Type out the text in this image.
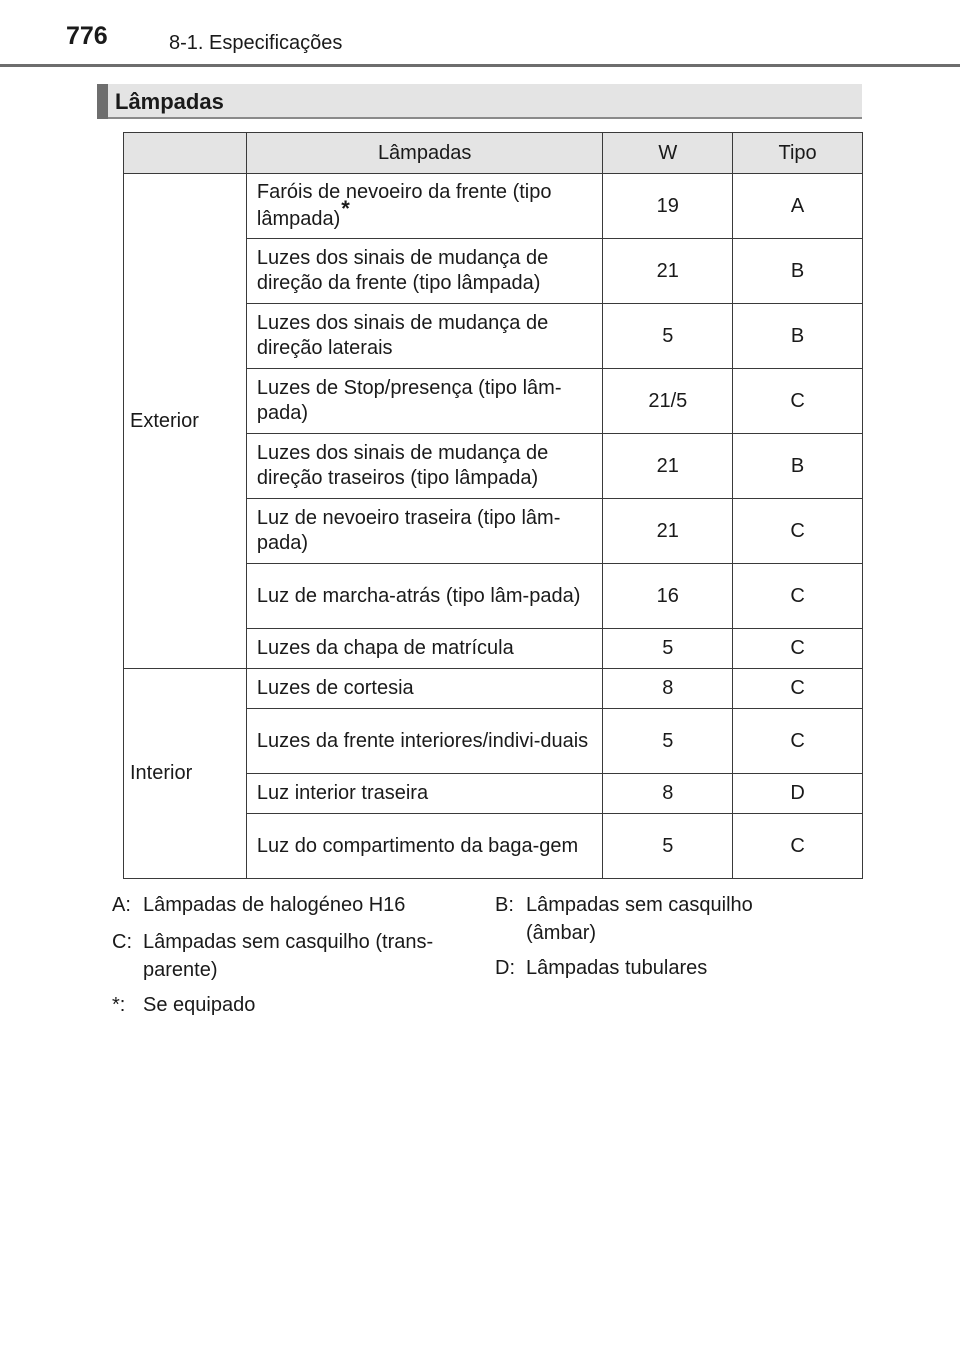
776	8-1. Especificações
Lâmpadas
	Lâmpadas	W	Tipo
Exterior	Faróis de nevoeiro da frente (tipo lâmpada)*	19	A
	Luzes dos sinais de mudança de direção da frente (tipo lâmpada)	21	B
	Luzes dos sinais de mudança de direção laterais	5	B
	Luzes de Stop/presença (tipo lâm-pada)	21/5	C
	Luzes dos sinais de mudança de direção traseiros (tipo lâmpada)	21	B
	Luz de nevoeiro traseira (tipo lâm-pada)	21	C
	Luz de marcha-atrás (tipo lâm-pada)	16	C
	Luzes da chapa de matrícula	5	C
Interior	Luzes de cortesia	8	C
	Luzes da frente interiores/indivi-duais	5	C
	Luz interior traseira	8	D
	Luz do compartimento da baga-gem	5	C
A: Lâmpadas de halogéneo H16	B: Lâmpadas sem casquilho (âmbar)
C: Lâmpadas sem casquilho (trans-parente)	D: Lâmpadas tubulares
*: Se equipado
